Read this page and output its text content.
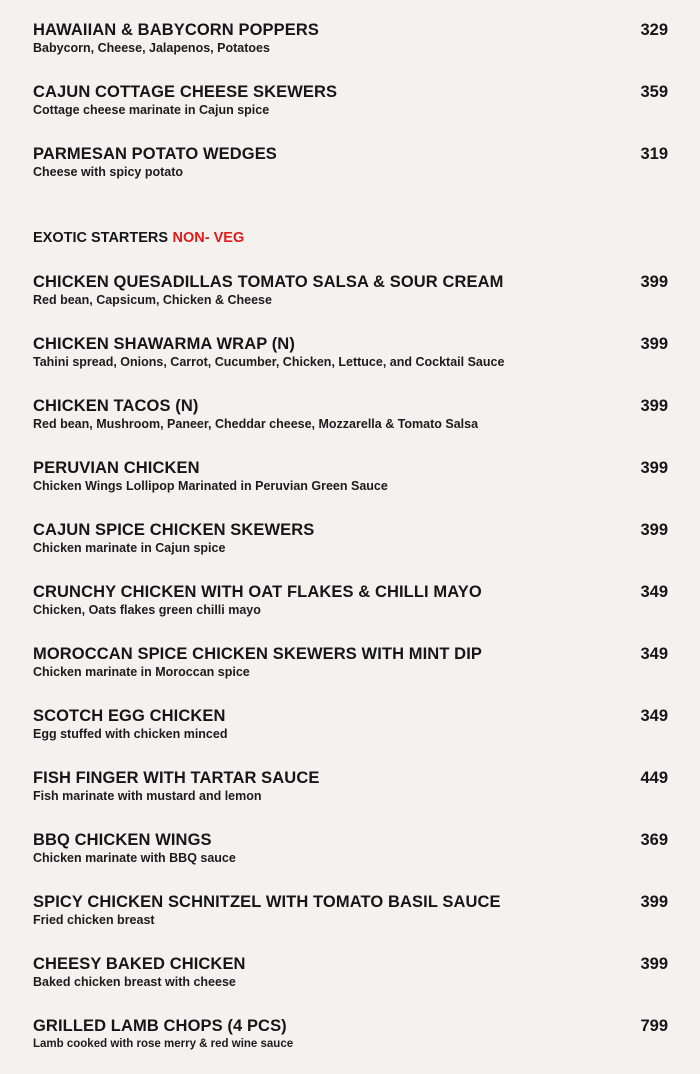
HAWAIIAN & BABYCORN POPPERS	329
Babycorn, Cheese, Jalapenos, Potatoes
CAJUN COTTAGE CHEESE SKEWERS	359
Cottage cheese marinate in Cajun spice
PARMESAN POTATO WEDGES	319
Cheese with spicy potato
EXOTIC STARTERS NON- VEG
CHICKEN QUESADILLAS TOMATO SALSA & SOUR CREAM	399
Red bean, Capsicum, Chicken & Cheese
CHICKEN SHAWARMA WRAP (N)	399
Tahini spread, Onions, Carrot, Cucumber, Chicken, Lettuce, and Cocktail Sauce
CHICKEN TACOS (N)	399
Red bean, Mushroom, Paneer, Cheddar cheese, Mozzarella & Tomato Salsa
PERUVIAN CHICKEN	399
Chicken Wings Lollipop Marinated in Peruvian Green Sauce
CAJUN SPICE CHICKEN SKEWERS	399
Chicken marinate in Cajun spice
CRUNCHY CHICKEN WITH OAT FLAKES & CHILLI MAYO	349
Chicken, Oats flakes green chilli mayo
MOROCCAN SPICE CHICKEN SKEWERS WITH MINT DIP	349
Chicken marinate in Moroccan spice
SCOTCH EGG CHICKEN	349
Egg stuffed with chicken minced
FISH FINGER WITH TARTAR SAUCE	449
Fish marinate with mustard and lemon
BBQ CHICKEN WINGS	369
Chicken marinate with BBQ sauce
SPICY CHICKEN SCHNITZEL WITH TOMATO BASIL SAUCE	399
Fried chicken breast
CHEESY BAKED CHICKEN	399
Baked chicken breast with cheese
GRILLED LAMB CHOPS (4 PCS)	799
Lamb cooked with rose merry & red wine sauce
